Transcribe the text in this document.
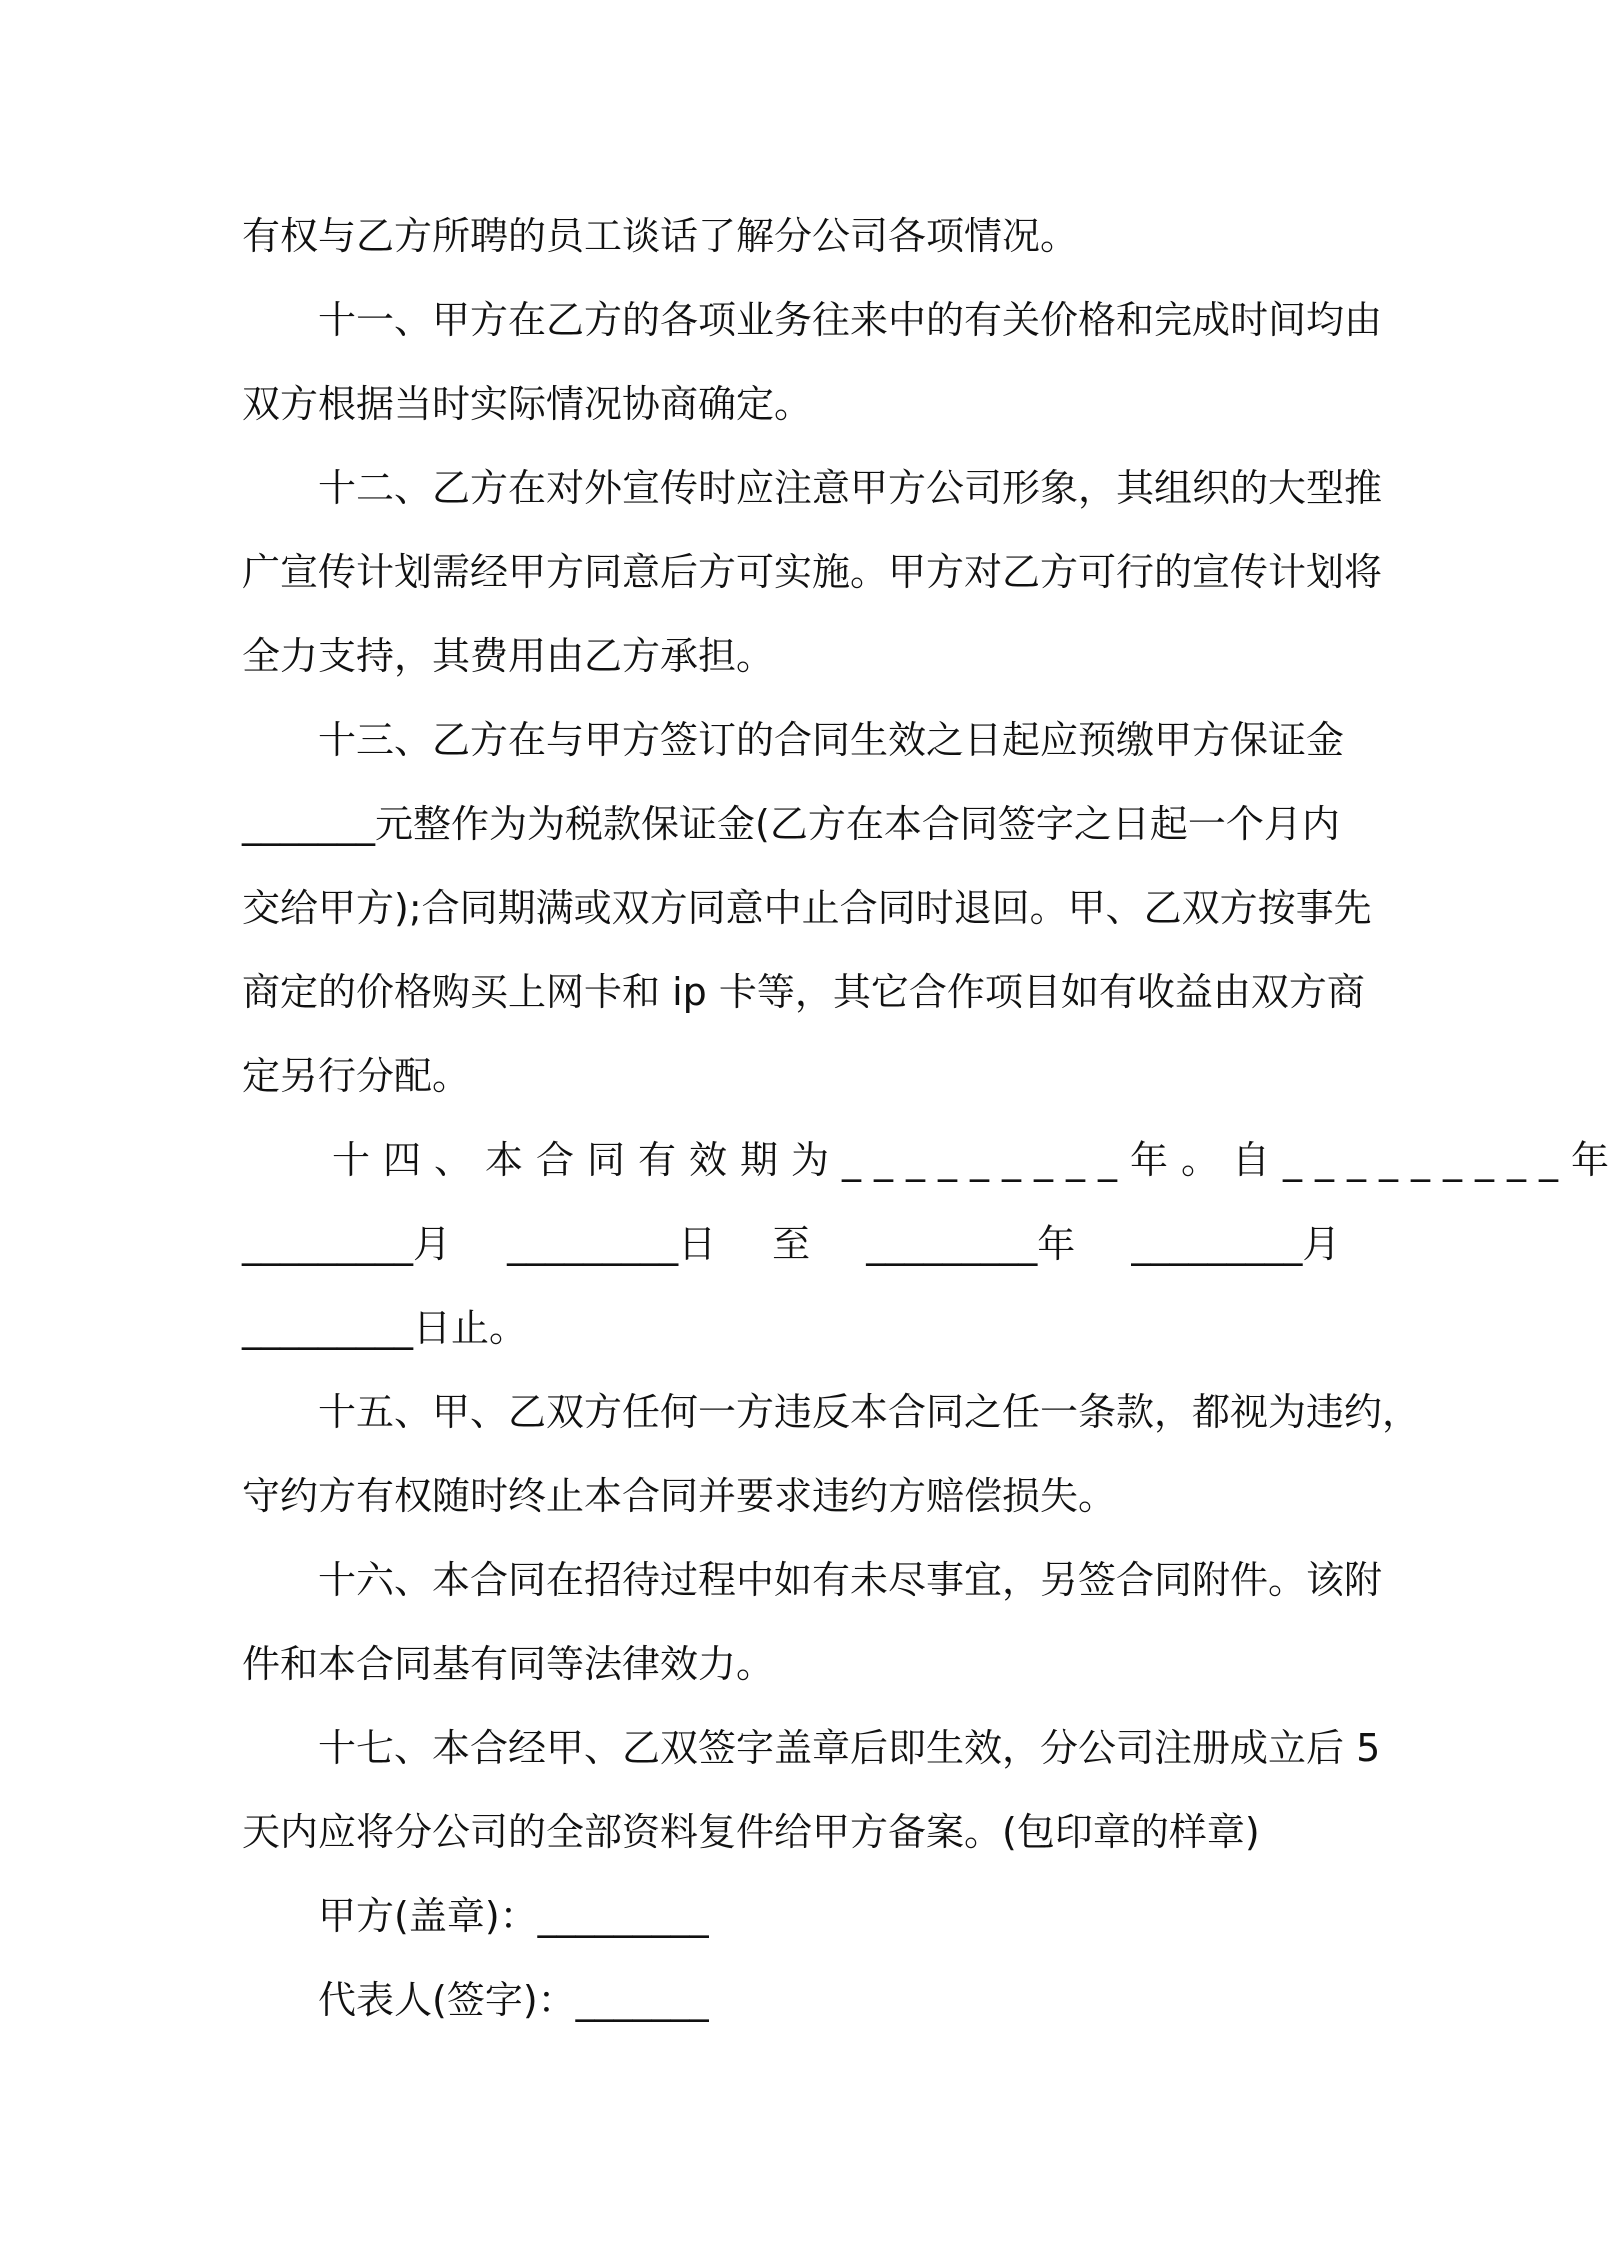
有权与乙方所聘的员工谈话了解分公司各项情况。
十一、甲方在乙方的各项业务往来中的有关价格和完成时间均由
双方根据当时实际情况协商确定。
十二、乙方在对外宣传时应注意甲方公司形象，其组织的大型推
广宣传计划需经甲方同意后方可实施。甲方对乙方可行的宣传计划将
全力支持，其费用由乙方承担。
十三、乙方在与甲方签订的合同生效之日起应预缴甲方保证金
_______元整作为为税款保证金(乙方在本合同签字之日起一个月内
交给甲方);合同期满或双方同意中止合同时退回。甲、乙双方按事先
商定的价格购买上网卡和 ip 卡等，其它合作项目如有收益由双方商
定另行分配。
十四、本合同有效期为_________年。自_________年
_________月 _________日 至 _________年 _________月
_________日止。
十五、甲、乙双方任何一方违反本合同之任一条款，都视为违约，
守约方有权随时终止本合同并要求违约方赔偿损失。
十六、本合同在招待过程中如有未尽事宜，另签合同附件。该附
件和本合同基有同等法律效力。
十七、本合经甲、乙双签字盖章后即生效，分公司注册成立后 5
天内应将分公司的全部资料复件给甲方备案。(包印章的样章)
甲方(盖章)：_________
代表人(签字)：_______
